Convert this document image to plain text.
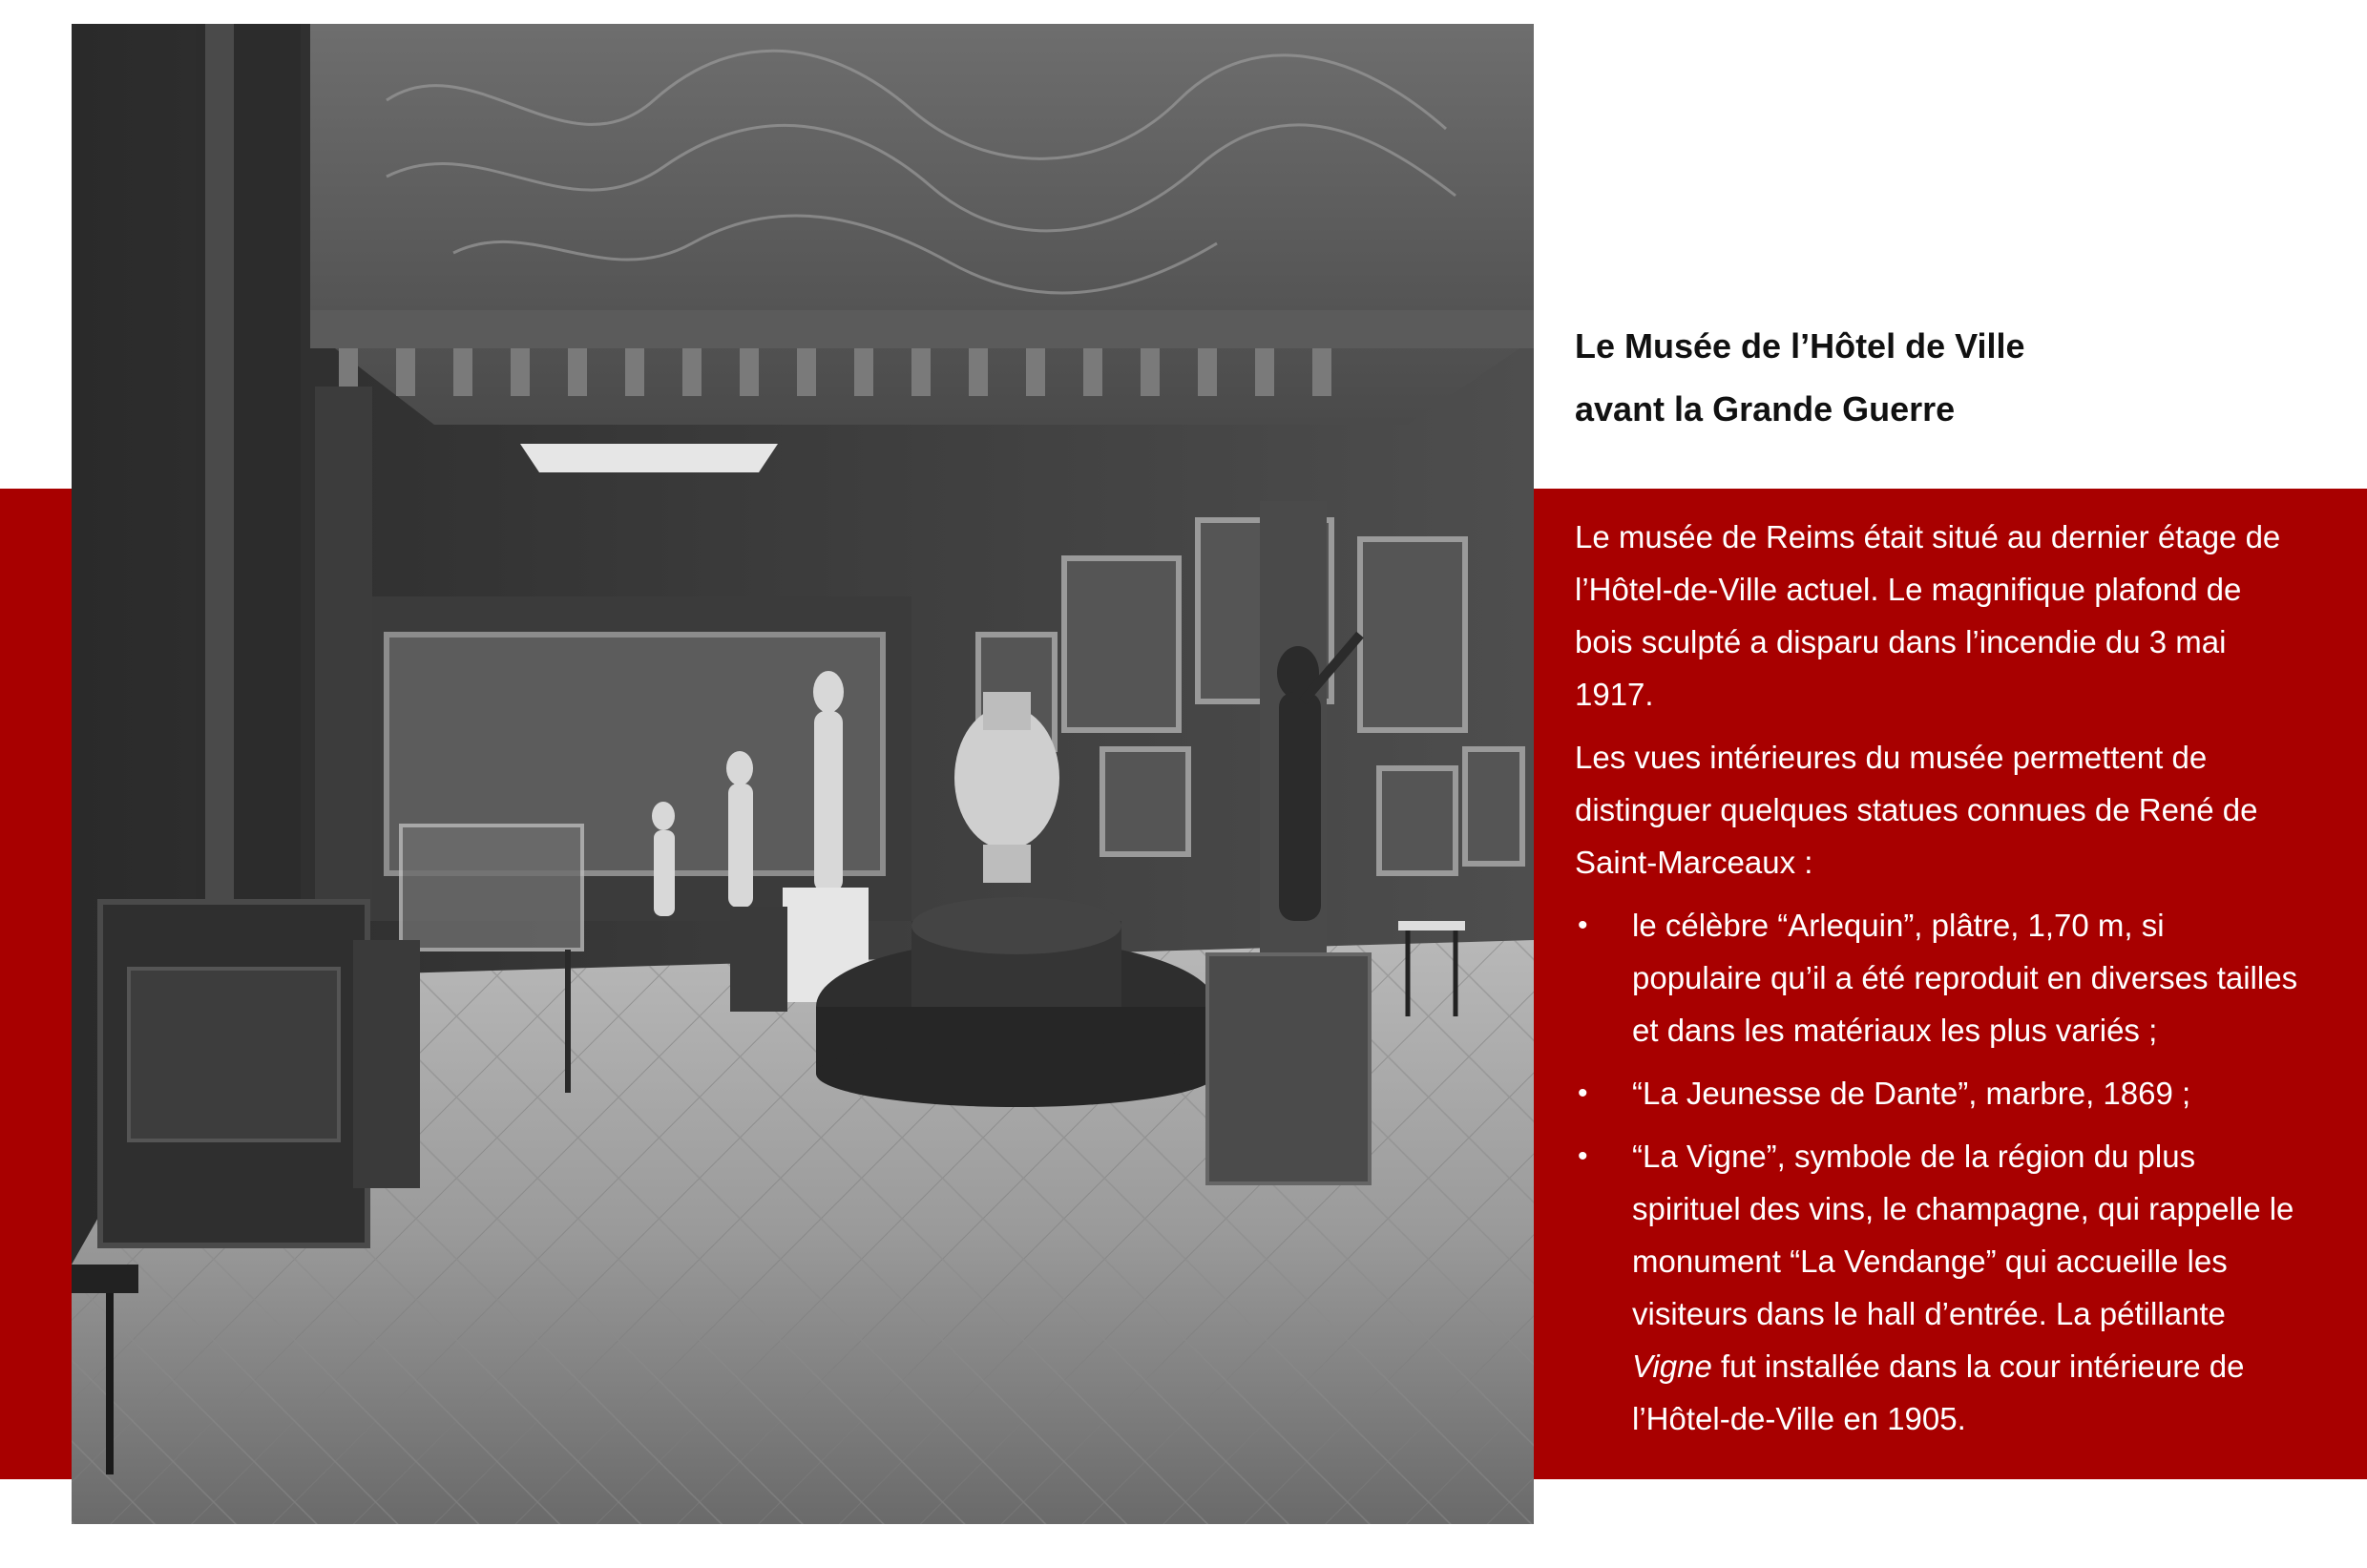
Le Musée de l’Hôtel de Ville
avant la Grande Guerre

Le musée de Reims était situé au dernier étage de l’Hôtel-de-Ville actuel. Le magnifique plafond de bois sculpté a disparu dans l’incendie du 3 mai 1917.

Les vues intérieures du musée permettent de distinguer quelques statues connues de René de Saint-Marceaux :

• le célèbre “Arlequin”, plâtre, 1,70 m, si populaire qu’il a été reproduit en diverses tailles et dans les matériaux les plus variés ;
• “La Jeunesse de Dante”, marbre, 1869 ;
• “La Vigne”, symbole de la région du plus spirituel des vins, le champagne, qui rappelle le monument “La Vendange” qui accueille les visiteurs dans le hall d’entrée. La pétillante Vigne fut installée dans la cour intérieure de l’Hôtel-de-Ville en 1905.
